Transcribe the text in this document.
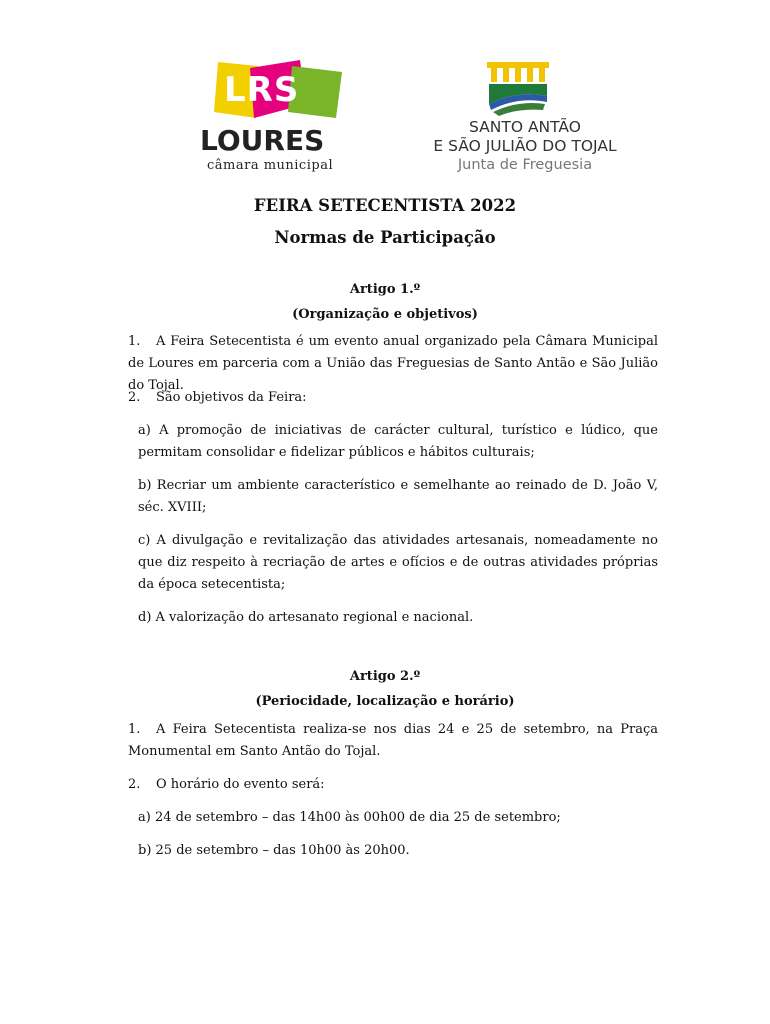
LRS
LOURES
câmara municipal
SANTO ANTÃO
E SÃO JULIÃO DO TOJAL
Junta de Freguesia
FEIRA SETECENTISTA 2022
Normas de Participação
Artigo 1.º
(Organização e objetivos)
1. A Feira Setecentista é um evento anual organizado pela Câmara Municipal de Loures em parceria com a União das Freguesias de Santo Antão e São Julião do Tojal.
2. São objetivos da Feira:
a) A promoção de iniciativas de carácter cultural, turístico e lúdico, que permitam consolidar e fidelizar públicos e hábitos culturais;
b) Recriar um ambiente característico e semelhante ao reinado de D. João V, séc. XVIII;
c) A divulgação e revitalização das atividades artesanais, nomeadamente no que diz respeito à recriação de artes e ofícios e de outras atividades próprias da época setecentista;
d) A valorização do artesanato regional e nacional.
Artigo 2.º
(Periocidade, localização e horário)
1. A Feira Setecentista realiza-se nos dias 24 e 25 de setembro, na Praça Monumental em Santo Antão do Tojal.
2. O horário do evento será:
a) 24 de setembro – das 14h00 às 00h00 de dia 25 de setembro;
b) 25 de setembro – das 10h00 às 20h00.
